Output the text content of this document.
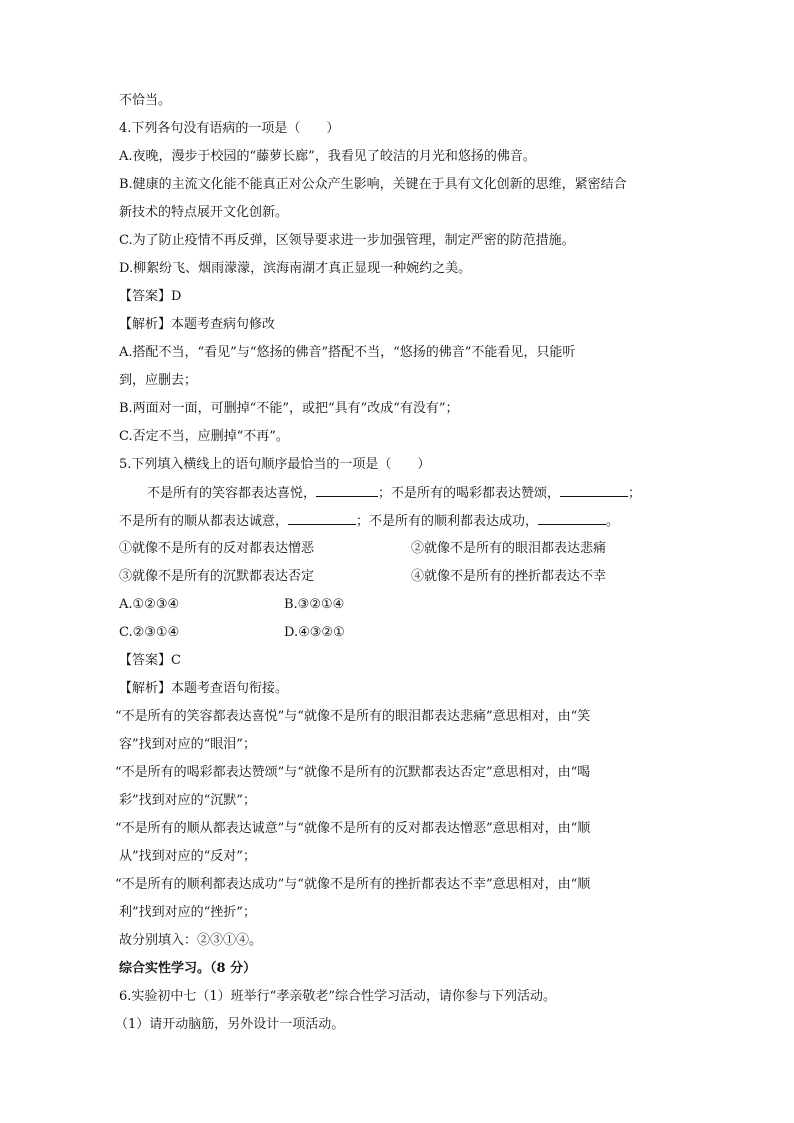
不恰当。
4.下列各句没有语病的一项是（　　）
A.夜晚，漫步于校园的“藤萝长廊”，我看见了皎洁的月光和悠扬的佛音。
B.健康的主流文化能不能真正对公众产生影响，关键在于具有文化创新的思维，紧密结合
新技术的特点展开文化创新。
C.为了防止疫情不再反弹，区领导要求进一步加强管理，制定严密的防范措施。
D.柳絮纷飞、烟雨濛濛，滨海南湖才真正显现一种婉约之美。
【答案】D
【解析】本题考查病句修改
A.搭配不当，“看见”与“悠扬的佛音”搭配不当，“悠扬的佛音”不能看见，只能听
到，应删去；
B.两面对一面，可删掉“不能”，或把“具有”改成“有没有”；
C.否定不当，应删掉“不再”。
5.下列填入横线上的语句顺序最恰当的一项是（　　）
不是所有的笑容都表达喜悦，	；不是所有的喝彩都表达赞颂，	；
不是所有的顺从都表达诚意，	；不是所有的顺利都表达成功，	。
①就像不是所有的反对都表达憎恶	②就像不是所有的眼泪都表达悲痛
③就像不是所有的沉默都表达否定	④就像不是所有的挫折都表达不幸
A.①②③④	B.③②①④
C.②③①④	D.④③②①
【答案】C
【解析】本题考查语句衔接。
“不是所有的笑容都表达喜悦”与“就像不是所有的眼泪都表达悲痛”意思相对，由“笑
容”找到对应的“眼泪”；
“不是所有的喝彩都表达赞颂”与“就像不是所有的沉默都表达否定”意思相对，由“喝
彩”找到对应的“沉默”；
“不是所有的顺从都表达诚意”与“就像不是所有的反对都表达憎恶”意思相对，由“顺
从”找到对应的“反对”；
“不是所有的顺利都表达成功”与“就像不是所有的挫折都表达不幸”意思相对，由“顺
利”找到对应的“挫折”；
故分别填入：②③①④。
综合实性学习。（8 分）
6.实验初中七（1）班举行“孝亲敬老”综合性学习活动，请你参与下列活动。
（1）请开动脑筋，另外设计一项活动。
